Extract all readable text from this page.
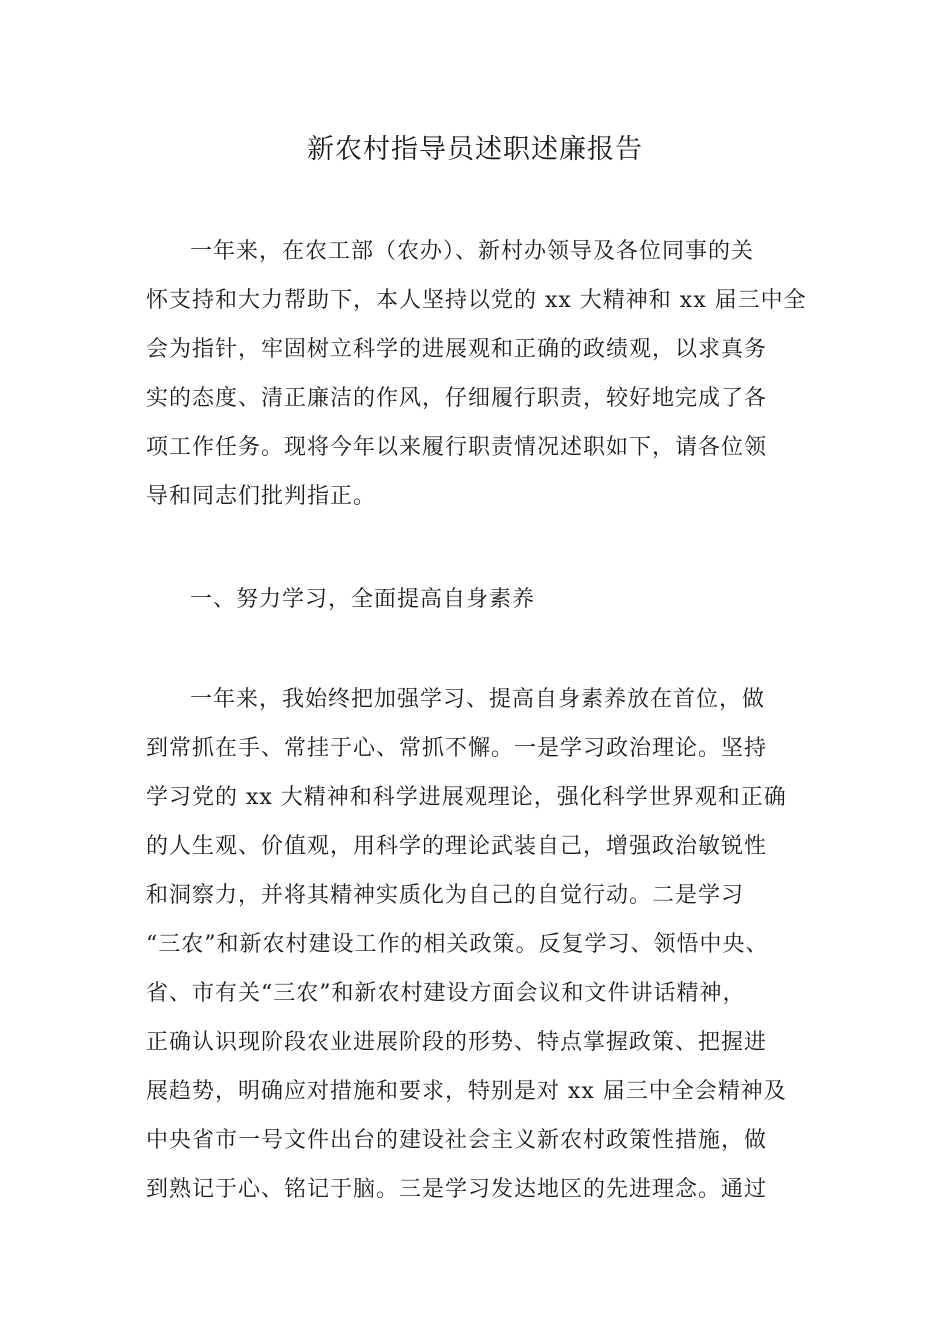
新农村指导员述职述廉报告

一年来，在农工部（农办）、新村办领导及各位同事的关

怀支持和大力帮助下，本人坚持以党的 xx 大精神和 xx 届三中全

会为指针，牢固树立科学的进展观和正确的政绩观，以求真务

实的态度、清正廉洁的作风，仔细履行职责，较好地完成了各

项工作任务。现将今年以来履行职责情况述职如下，请各位领

导和同志们批判指正。

一、努力学习，全面提高自身素养

一年来，我始终把加强学习、提高自身素养放在首位，做

到常抓在手、常挂于心、常抓不懈。一是学习政治理论。坚持

学习党的 xx 大精神和科学进展观理论，强化科学世界观和正确

的人生观、价值观，用科学的理论武装自己，增强政治敏锐性

和洞察力，并将其精神实质化为自己的自觉行动。二是学习

“三农”和新农村建设工作的相关政策。反复学习、领悟中央、

省、市有关“三农”和新农村建设方面会议和文件讲话精神，

正确认识现阶段农业进展阶段的形势、特点掌握政策、把握进

展趋势，明确应对措施和要求，特别是对 xx 届三中全会精神及

中央省市一号文件出台的建设社会主义新农村政策性措施，做

到熟记于心、铭记于脑。三是学习发达地区的先进理念。通过
